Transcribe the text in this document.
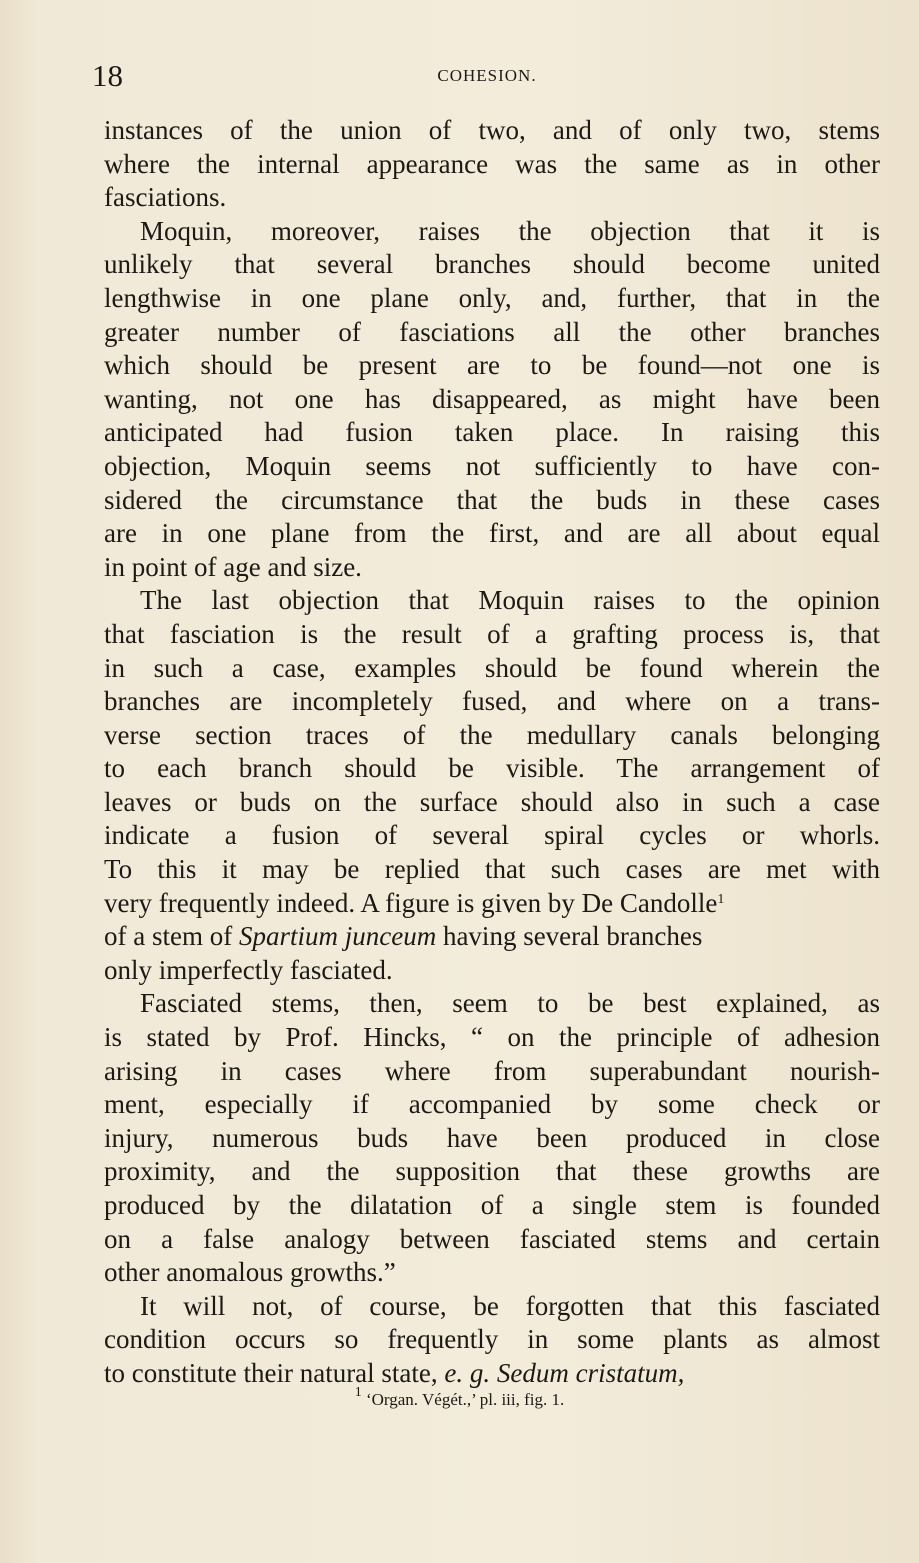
18	COHESION.
instances of the union of two, and of only two, stems
where the internal appearance was the same as in other
fasciations.
Moquin, moreover, raises the objection that it is
unlikely that several branches should become united
lengthwise in one plane only, and, further, that in the
greater number of fasciations all the other branches
which should be present are to be found—not one is
wanting, not one has disappeared, as might have been
anticipated had fusion taken place. In raising this
objection, Moquin seems not sufficiently to have con-
sidered the circumstance that the buds in these cases
are in one plane from the first, and are all about equal
in point of age and size.
The last objection that Moquin raises to the opinion
that fasciation is the result of a grafting process is, that
in such a case, examples should be found wherein the
branches are incompletely fused, and where on a trans-
verse section traces of the medullary canals belonging
to each branch should be visible. The arrangement of
leaves or buds on the surface should also in such a case
indicate a fusion of several spiral cycles or whorls.
To this it may be replied that such cases are met with
very frequently indeed. A figure is given by De Candolle$^1$
of a stem of Spartium junceum having several branches
only imperfectly fasciated.
Fasciated stems, then, seem to be best explained, as
is stated by Prof. Hincks, “ on the principle of adhesion
arising in cases where from superabundant nourish-
ment, especially if accompanied by some check or
injury, numerous buds have been produced in close
proximity, and the supposition that these growths are
produced by the dilatation of a single stem is founded
on a false analogy between fasciated stems and certain
other anomalous growths.”
It will not, of course, be forgotten that this fasciated
condition occurs so frequently in some plants as almost
to constitute their natural state, e. g. Sedum cristatum,
$^1$ ‘Organ. Végét.,’ pl. iii, fig. 1.
